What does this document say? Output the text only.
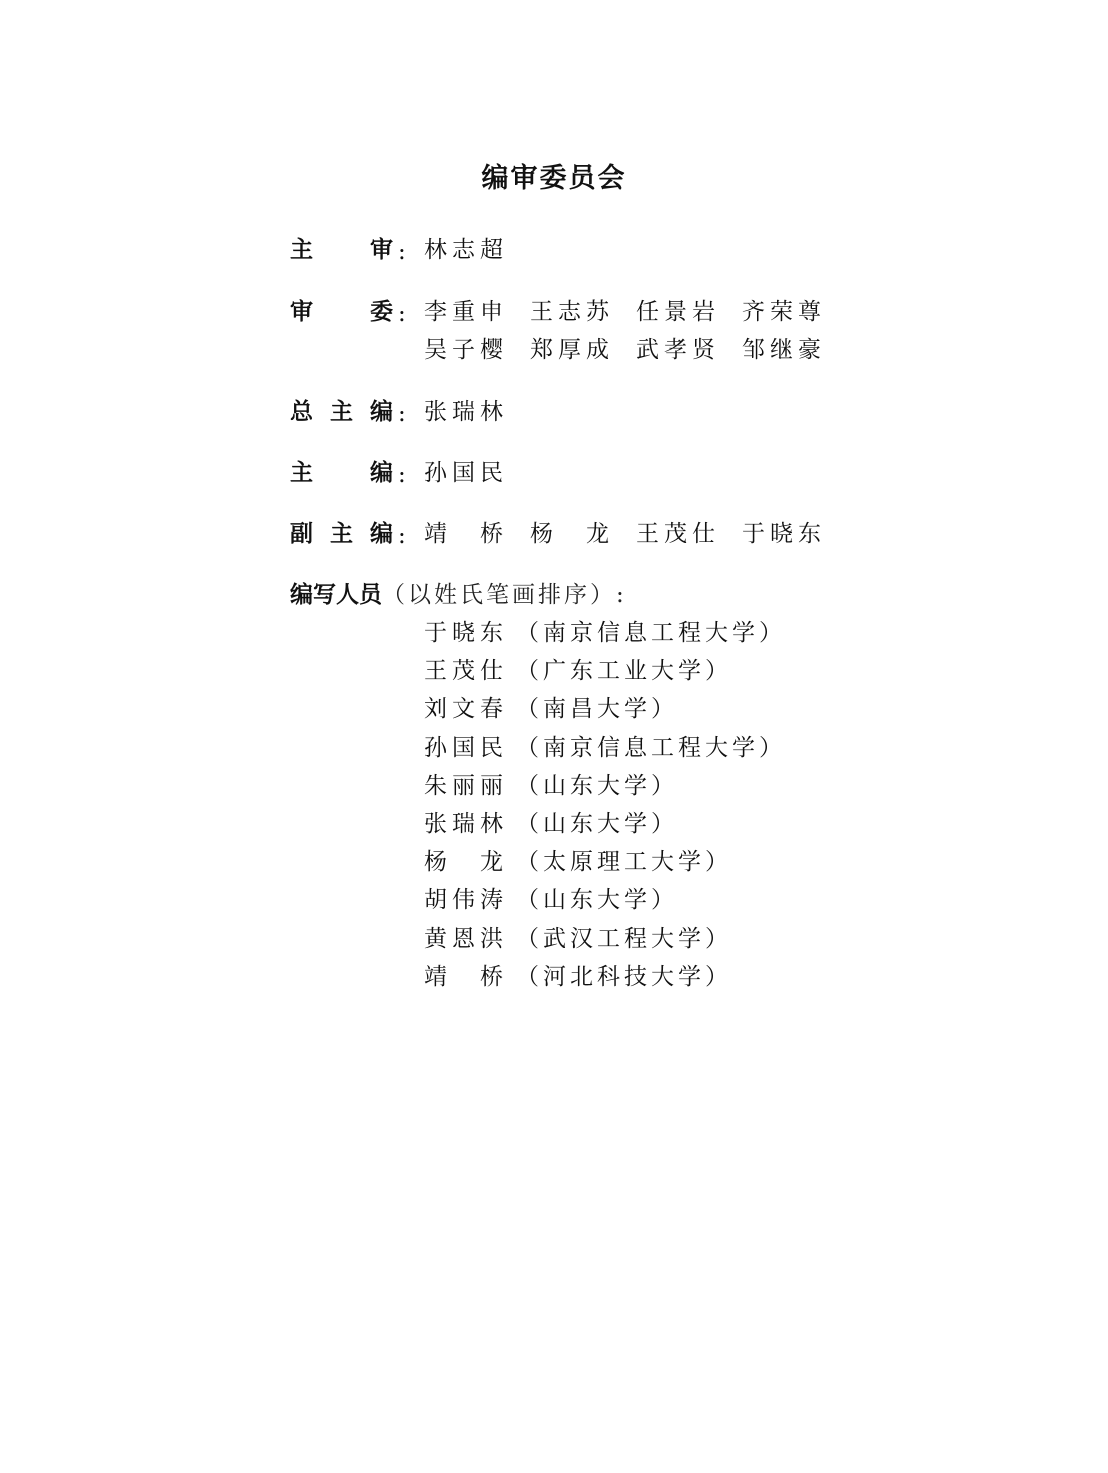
编审委员会
主 审 : 林志超
审 委 : 李重申 王志苏 任景岩 齐荣尊
吴子樱 郑厚成 武孝贤 邹继豪
总 主 编 : 张瑞林
主 编 : 孙国民
副 主 编 : 靖　桥 杨　龙 王茂仕 于晓东
编写人员（以姓氏笔画排序）:
于晓东 （南京信息工程大学）
王茂仕 （广东工业大学）
刘文春 （南昌大学）
孙国民 （南京信息工程大学）
朱丽丽 （山东大学）
张瑞林 （山东大学）
杨　龙 （太原理工大学）
胡伟涛 （山东大学）
黄恩洪 （武汉工程大学）
靖　桥 （河北科技大学）
